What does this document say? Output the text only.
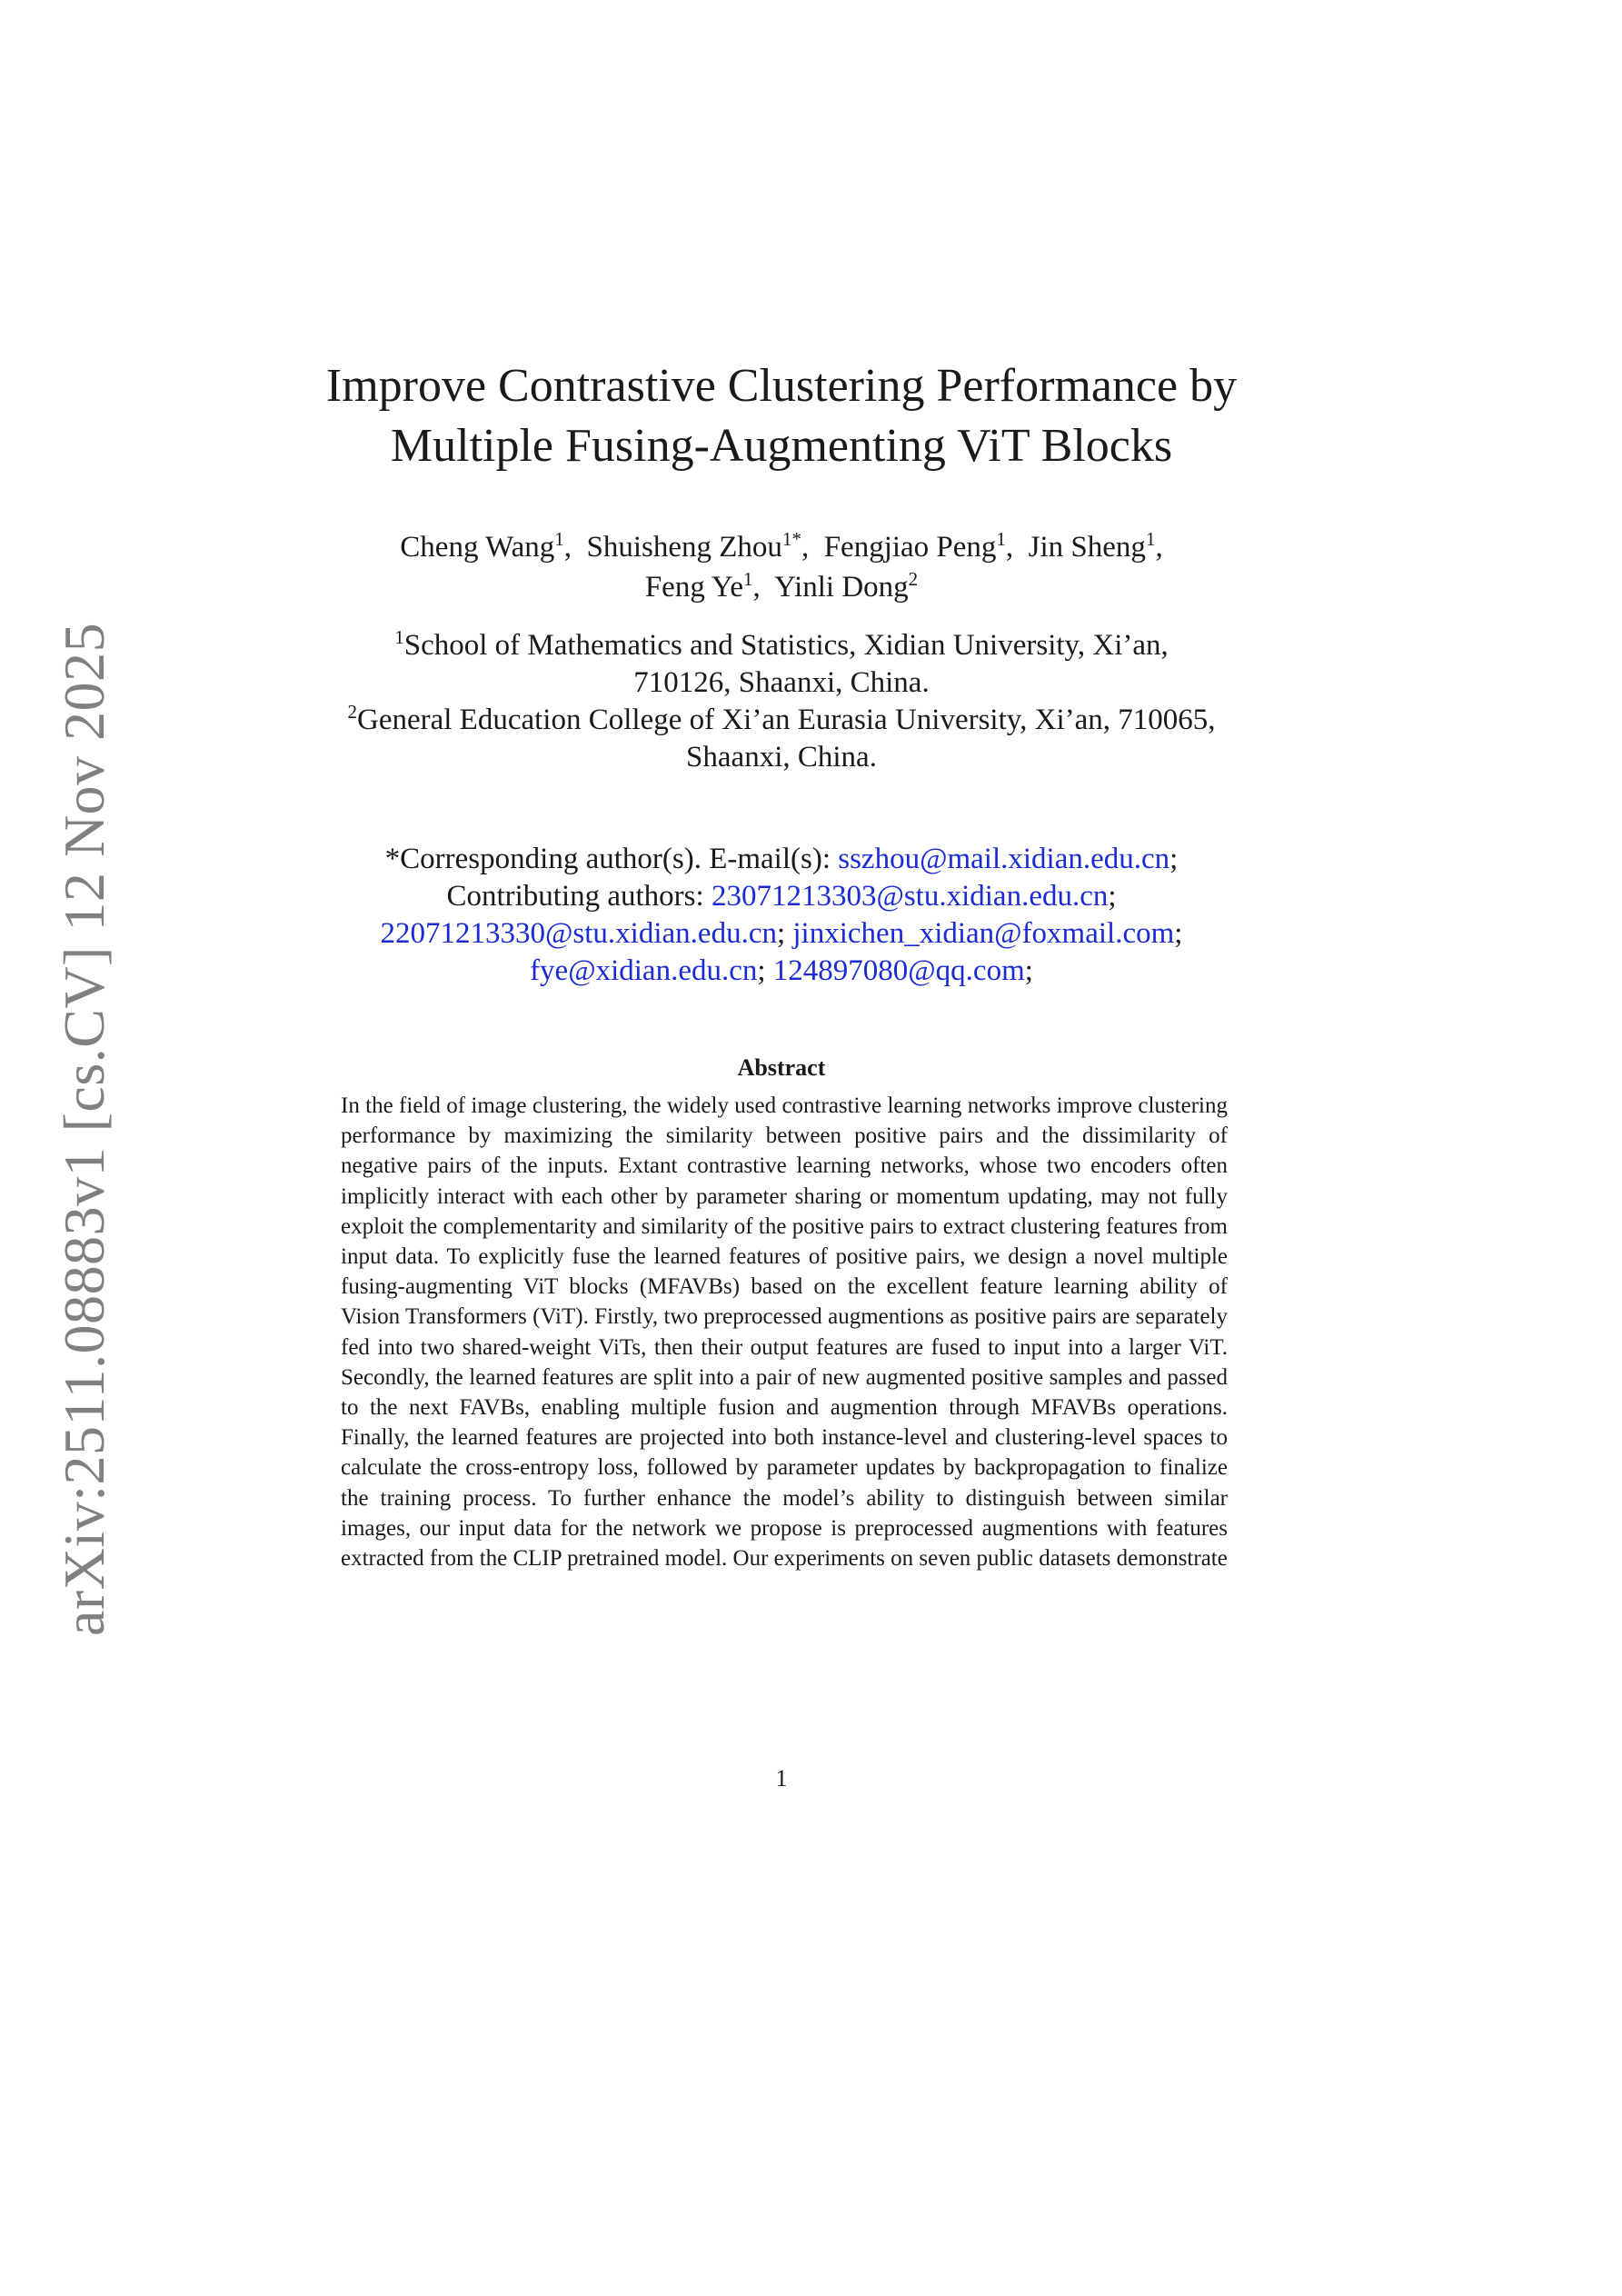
arXiv:2511.08883v1 [cs.CV] 12 Nov 2025
Improve Contrastive Clustering Performance by
Multiple Fusing-Augmenting ViT Blocks
Cheng Wang$^1$,  Shuisheng Zhou$^{1*}$,  Fengjiao Peng$^1$,  Jin Sheng$^1$,
Feng Ye$^1$,  Yinli Dong$^2$
$^1$School of Mathematics and Statistics, Xidian University, Xi’an,
710126, Shaanxi, China.
$^2$General Education College of Xi’an Eurasia University, Xi’an, 710065,
Shaanxi, China.
*Corresponding author(s). E-mail(s): sszhou@mail.xidian.edu.cn;
Contributing authors: 23071213303@stu.xidian.edu.cn;
22071213330@stu.xidian.edu.cn; jinxichen_xidian@foxmail.com;
fye@xidian.edu.cn; 124897080@qq.com;
Abstract
In the field of image clustering, the widely used contrastive learning networks improve clustering performance by maximizing the similarity between positive pairs and the dissimilarity of negative pairs of the inputs. Extant contrastive learning networks, whose two encoders often implicitly interact with each other by parameter sharing or momentum updating, may not fully exploit the complementarity and similarity of the positive pairs to extract clustering features from input data. To explicitly fuse the learned features of positive pairs, we design a novel multiple fusing-augmenting ViT blocks (MFAVBs) based on the excellent feature learning ability of Vision Transformers (ViT). Firstly, two preprocessed augmentions as positive pairs are separately fed into two shared-weight ViTs, then their output features are fused to input into a larger ViT. Secondly, the learned features are split into a pair of new augmented positive samples and passed to the next FAVBs, enabling multiple fusion and augmention through MFAVBs operations. Finally, the learned features are projected into both instance-level and clustering-level spaces to calculate the cross-entropy loss, followed by parameter updates by backpropagation to finalize the training process. To further enhance the model’s ability to distinguish between similar images, our input data for the network we propose is preprocessed augmentions with features extracted from the CLIP pretrained model. Our experiments on seven public datasets demonstrate
1
